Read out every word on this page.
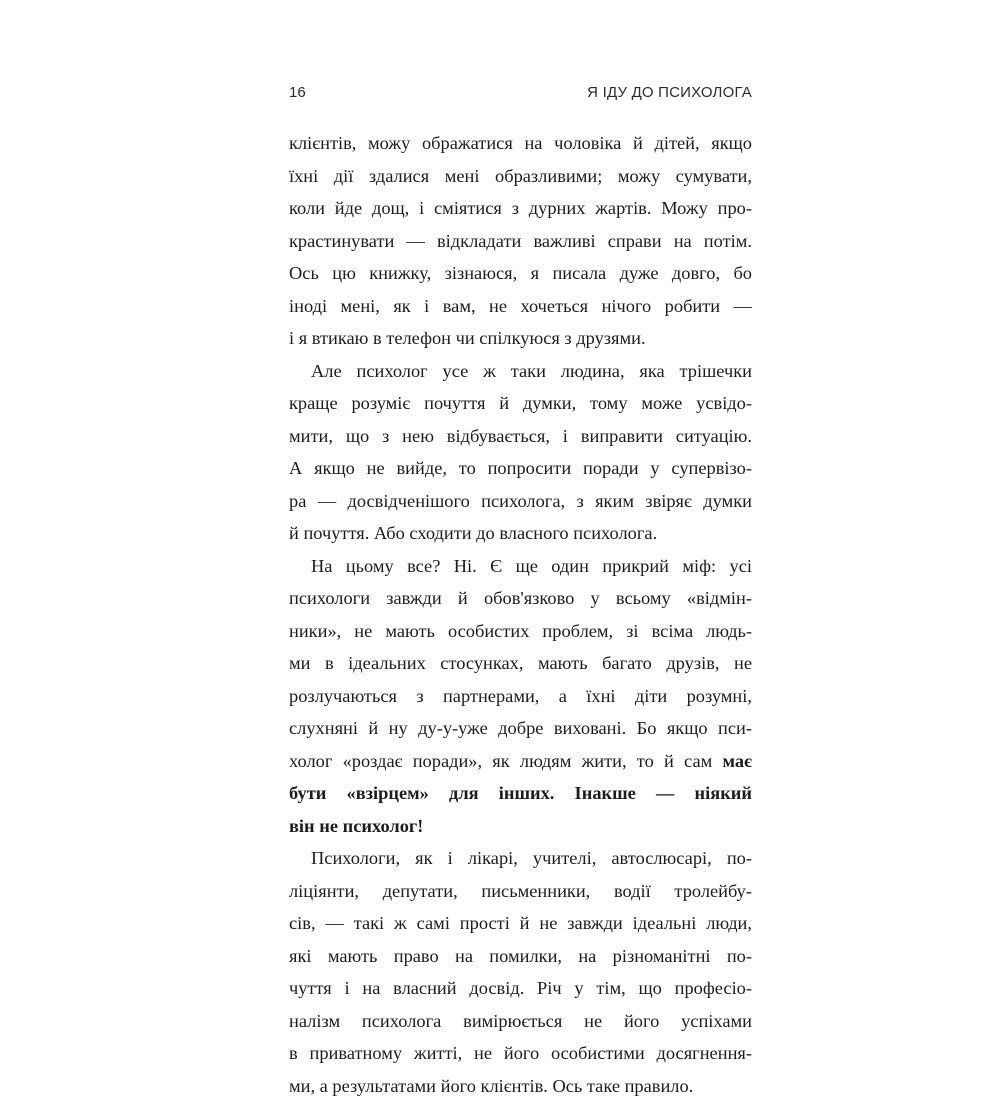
16	Я ІДУ ДО ПСИХОЛОГА
клієнтів, можу ображатися на чоловіка й дітей, якщо
їхні дії здалися мені образливими; можу сумувати,
коли йде дощ, і сміятися з дурних жартів. Можу про-
крастинувати — відкладати важливі справи на потім.
Ось цю книжку, зізнаюся, я писала дуже довго, бо
іноді мені, як і вам, не хочеться нічого робити —
і я втикаю в телефон чи спілкуюся з друзями.
Але психолог усе ж таки людина, яка трішечки
краще розуміє почуття й думки, тому може усвідо-
мити, що з нею відбувається, і виправити ситуацію.
А якщо не вийде, то попросити поради у супервізо-
ра — досвідченішого психолога, з яким звіряє думки
й почуття. Або сходити до власного психолога.
На цьому все? Ні. Є ще один прикрий міф: усі
психологи завжди й обов'язково у всьому «відмін-
ники», не мають особистих проблем, зі всіма людь-
ми в ідеальних стосунках, мають багато друзів, не
розлучаються з партнерами, а їхні діти розумні,
слухняні й ну ду-у-уже добре виховані. Бо якщо пси-
холог «роздає поради», як людям жити, то й сам має
бути «взірцем» для інших. Інакше — ніякий
він не психолог!
Психологи, як і лікарі, учителі, автослюсарі, по-
ліціянти, депутати, письменники, водії тролейбу-
сів, — такі ж самі прості й не завжди ідеальні люди,
які мають право на помилки, на різноманітні по-
чуття і на власний досвід. Річ у тім, що професіо-
налізм психолога вимірюється не його успіхами
в приватному житті, не його особистими досягнення-
ми, а результатами його клієнтів. Ось таке правило.
